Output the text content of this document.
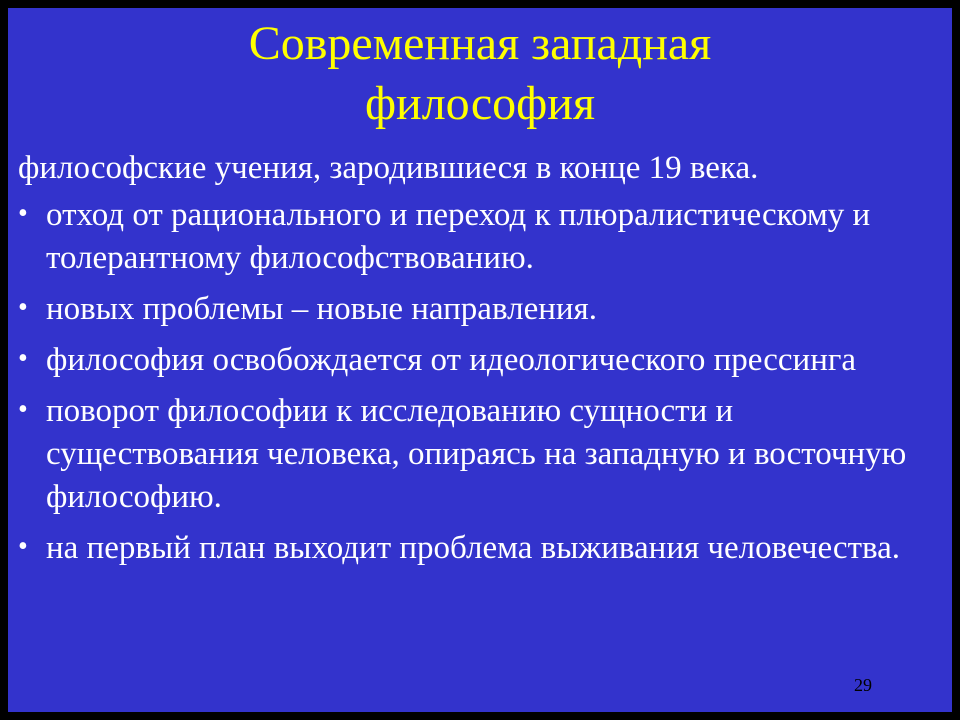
Современная западная
философия
философские учения, зародившиеся в конце 19 века.
• отход от рационального и переход к плюралистическому и толерантному философствованию.
• новых проблемы – новые направления.
• философия освобождается от идеологического прессинга
• поворот философии к исследованию сущности и существования человека, опираясь на западную и восточную философию.
• на первый план выходит проблема выживания человечества.
29
